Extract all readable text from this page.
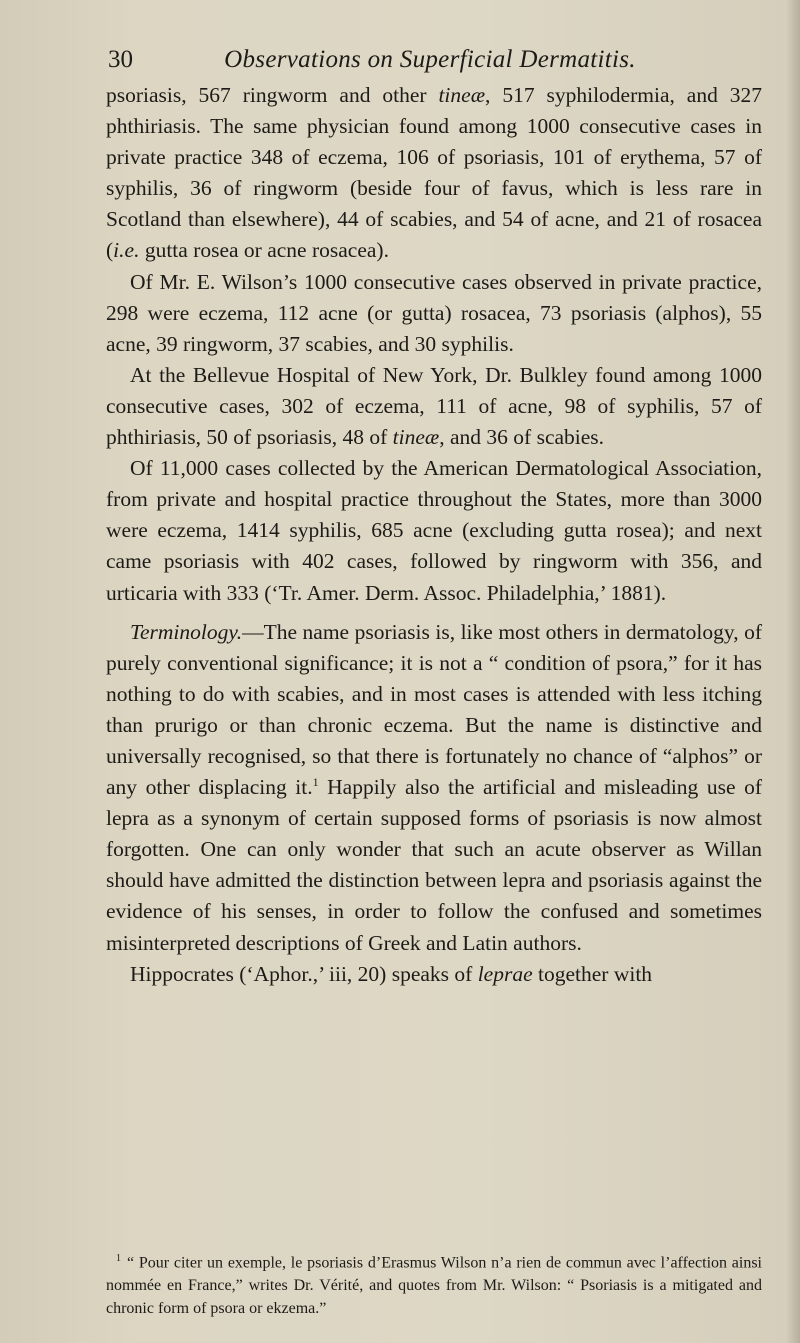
30	Observations on Superficial Dermatitis.

psoriasis, 567 ringworm and other tineæ, 517 syphilodermia, and 327 phthiriasis. The same physician found among 1000 consecutive cases in private practice 348 of eczema, 106 of psoriasis, 101 of erythema, 57 of syphilis, 36 of ringworm (beside four of favus, which is less rare in Scotland than elsewhere), 44 of scabies, and 54 of acne, and 21 of rosacea (i.e. gutta rosea or acne rosacea).

Of Mr. E. Wilson’s 1000 consecutive cases observed in private practice, 298 were eczema, 112 acne (or gutta) rosacea, 73 psoriasis (alphos), 55 acne, 39 ringworm, 37 scabies, and 30 syphilis.

At the Bellevue Hospital of New York, Dr. Bulkley found among 1000 consecutive cases, 302 of eczema, 111 of acne, 98 of syphilis, 57 of phthiriasis, 50 of psoriasis, 48 of tineæ, and 36 of scabies.

Of 11,000 cases collected by the American Dermatological Association, from private and hospital practice throughout the States, more than 3000 were eczema, 1414 syphilis, 685 acne (excluding gutta rosea); and next came psoriasis with 402 cases, followed by ringworm with 356, and urticaria with 333 (‘Tr. Amer. Derm. Assoc. Philadelphia,’ 1881).

Terminology.—The name psoriasis is, like most others in dermatology, of purely conventional significance; it is not a “ condition of psora,” for it has nothing to do with scabies, and in most cases is attended with less itching than prurigo or than chronic eczema. But the name is distinctive and universally recognised, so that there is fortunately no chance of “alphos” or any other displacing it.$^1$ Happily also the artificial and misleading use of lepra as a synonym of certain supposed forms of psoriasis is now almost forgotten. One can only wonder that such an acute observer as Willan should have admitted the distinction between lepra and psoriasis against the evidence of his senses, in order to follow the confused and sometimes misinterpreted descriptions of Greek and Latin authors.

Hippocrates (‘Aphor.,’ iii, 20) speaks of leprae together with

$^1$ “ Pour citer un exemple, le psoriasis d’Erasmus Wilson n’a rien de commun avec l’affection ainsi nommée en France,” writes Dr. Vérité, and quotes from Mr. Wilson: “ Psoriasis is a mitigated and chronic form of psora or ekzema.”
